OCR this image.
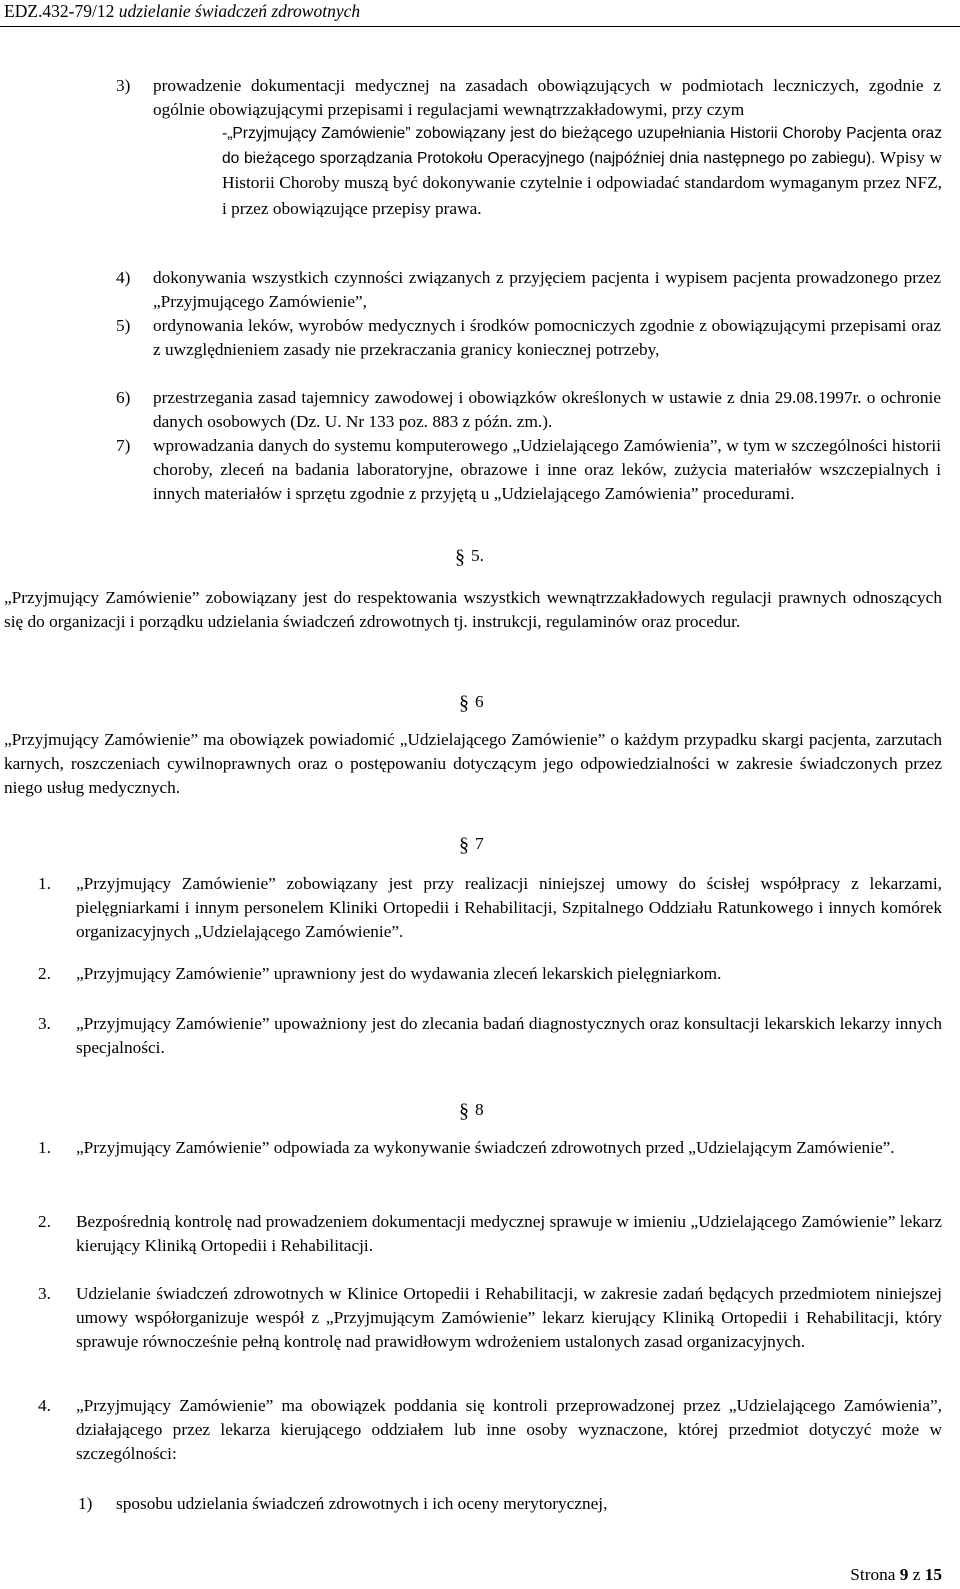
EDZ.432-79/12 udzielanie świadczeń zdrowotnych
3) prowadzenie dokumentacji medycznej na zasadach obowiązujących w podmiotach leczniczych, zgodnie z ogólnie obowiązującymi przepisami i regulacjami wewnątrzzakładowymi, przy czym

-„Przyjmujący Zamówienie” zobowiązany jest do bieżącego uzupełniania Historii Choroby Pacjenta oraz do bieżącego sporządzania Protokołu Operacyjnego (najpóźniej dnia następnego po zabiegu). Wpisy w Historii Choroby muszą być dokonywanie czytelnie i odpowiadać standardom wymaganym przez NFZ, i przez obowiązujące przepisy prawa.

4) dokonywania wszystkich czynności związanych z przyjęciem pacjenta i wypisem pacjenta prowadzonego przez „Przyjmującego Zamówienie”,

5) ordynowania leków, wyrobów medycznych i środków pomocniczych zgodnie z obowiązującymi przepisami oraz z uwzględnieniem zasady nie przekraczania granicy koniecznej potrzeby,

6) przestrzegania zasad tajemnicy zawodowej i obowiązków określonych w ustawie z dnia 29.08.1997r. o ochronie danych osobowych (Dz. U. Nr 133 poz. 883 z późn. zm.).

7) wprowadzania danych do systemu komputerowego „Udzielającego Zamówienia”, w tym w szczególności historii choroby, zleceń na badania laboratoryjne, obrazowe i inne oraz leków, zużycia materiałów wszczepialnych i innych materiałów i sprzętu zgodnie z przyjętą u „Udzielającego Zamówienia” procedurami.

§ 5.

„Przyjmujący Zamówienie” zobowiązany jest do respektowania wszystkich wewnątrzzakładowych regulacji prawnych odnoszących się do organizacji i porządku udzielania świadczeń zdrowotnych tj. instrukcji, regulaminów oraz procedur.

§ 6

„Przyjmujący Zamówienie” ma obowiązek powiadomić „Udzielającego Zamówienie” o każdym przypadku skargi pacjenta, zarzutach karnych, roszczeniach cywilnoprawnych oraz o postępowaniu dotyczącym jego odpowiedzialności w zakresie świadczonych przez niego usług medycznych.

§ 7
1. „Przyjmujący Zamówienie” zobowiązany jest przy realizacji niniejszej umowy do ścisłej współpracy z lekarzami, pielęgniarkami i innym personelem Kliniki Ortopedii i Rehabilitacji, Szpitalnego Oddziału Ratunkowego i innych komórek organizacyjnych „Udzielającego Zamówienie”.

2. „Przyjmujący Zamówienie” uprawniony jest do wydawania zleceń lekarskich pielęgniarkom.

3. „Przyjmujący Zamówienie” upoważniony jest do zlecania badań diagnostycznych oraz konsultacji lekarskich lekarzy innych specjalności.

§ 8
1. „Przyjmujący Zamówienie” odpowiada za wykonywanie świadczeń zdrowotnych przed „Udzielającym Zamówienie”.

2. Bezpośrednią kontrolę nad prowadzeniem dokumentacji medycznej sprawuje w imieniu „Udzielającego Zamówienie” lekarz kierujący Kliniką Ortopedii i Rehabilitacji.

3. Udzielanie świadczeń zdrowotnych w Klinice Ortopedii i Rehabilitacji, w zakresie zadań będących przedmiotem niniejszej umowy współorganizuje wespół z „Przyjmującym Zamówienie” lekarz kierujący Kliniką Ortopedii i Rehabilitacji, który sprawuje równocześnie pełną kontrolę nad prawidłowym wdrożeniem ustalonych zasad organizacyjnych.

4. „Przyjmujący Zamówienie” ma obowiązek poddania się kontroli przeprowadzonej przez „Udzielającego Zamówienia”, działającego przez lekarza kierującego oddziałem lub inne osoby wyznaczone, której przedmiot dotyczyć może w szczególności:

1) sposobu udzielania świadczeń zdrowotnych i ich oceny merytorycznej,

Strona 9 z 15
